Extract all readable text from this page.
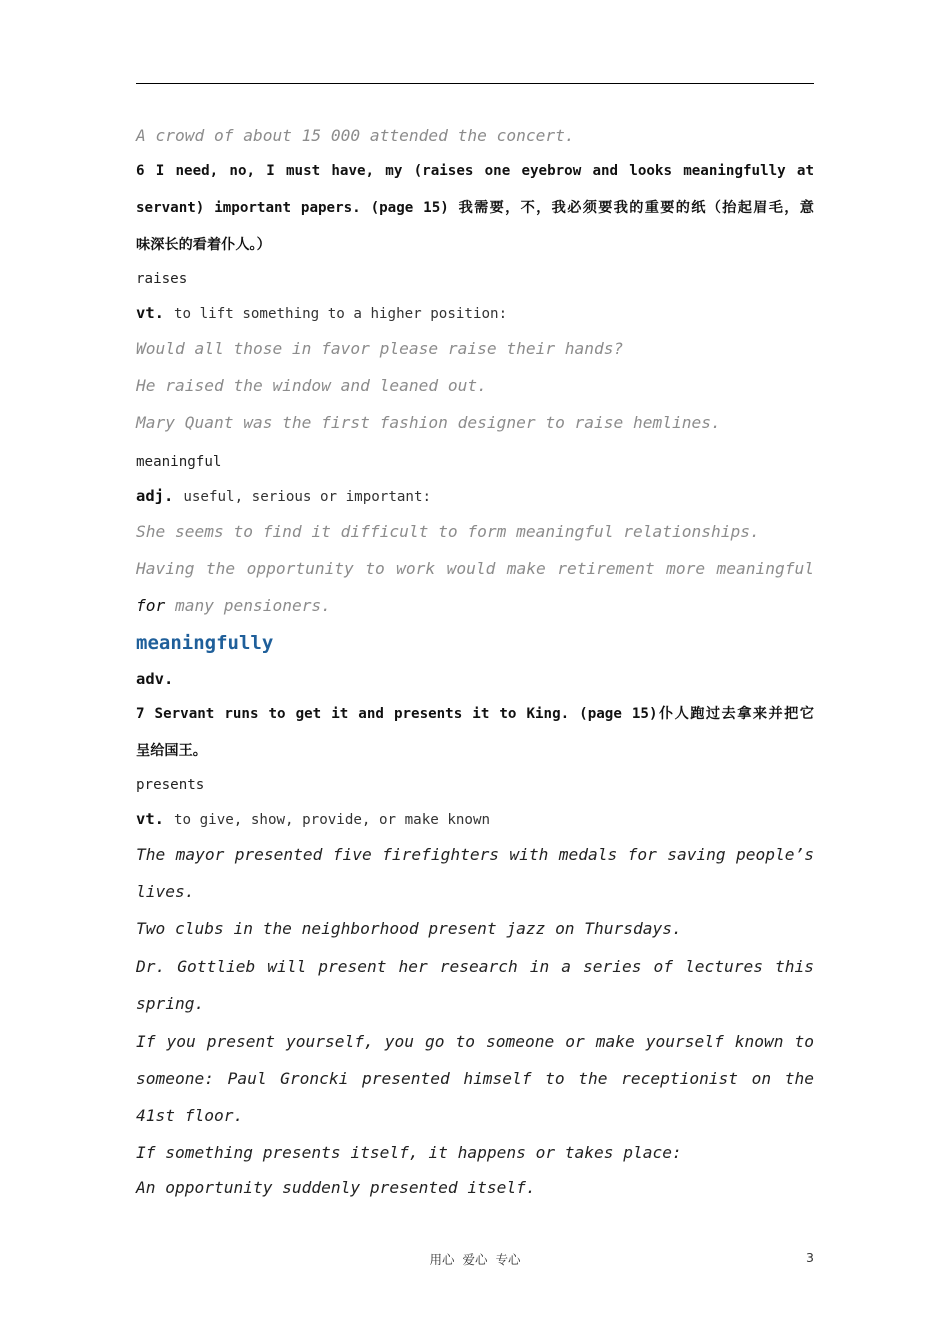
A crowd of about 15 000 attended the concert.
6 I need, no, I must have, my (raises one eyebrow and looks meaningfully at
servant) important papers. (page 15) 我需要，不，我必须要我的重要的纸（抬起眉毛，意
味深长的看着仆人。）
raises
vt. to lift something to a higher position:
Would all those in favor please raise their hands?
He raised the window and leaned out.
Mary Quant was the first fashion designer to raise hemlines.
meaningful
adj. useful, serious or important:
She seems to find it difficult to form meaningful relationships.
Having the opportunity to work would make retirement more meaningful
for many pensioners.
meaningfully
adv.
7 Servant runs to get it and presents it to King. (page 15)仆人跑过去拿来并把它
呈给国王。
presents
vt. to give, show, provide, or make known
The mayor presented five firefighters with medals for saving people’s
lives.
Two clubs in the neighborhood present jazz on Thursdays.
Dr. Gottlieb will present her research in a series of lectures this
spring.
If you present yourself, you go to someone or make yourself known to
someone: Paul Groncki presented himself to the receptionist on the
41st floor.
If something presents itself, it happens or takes place:
An opportunity suddenly presented itself.
用心  爱心  专心	3
